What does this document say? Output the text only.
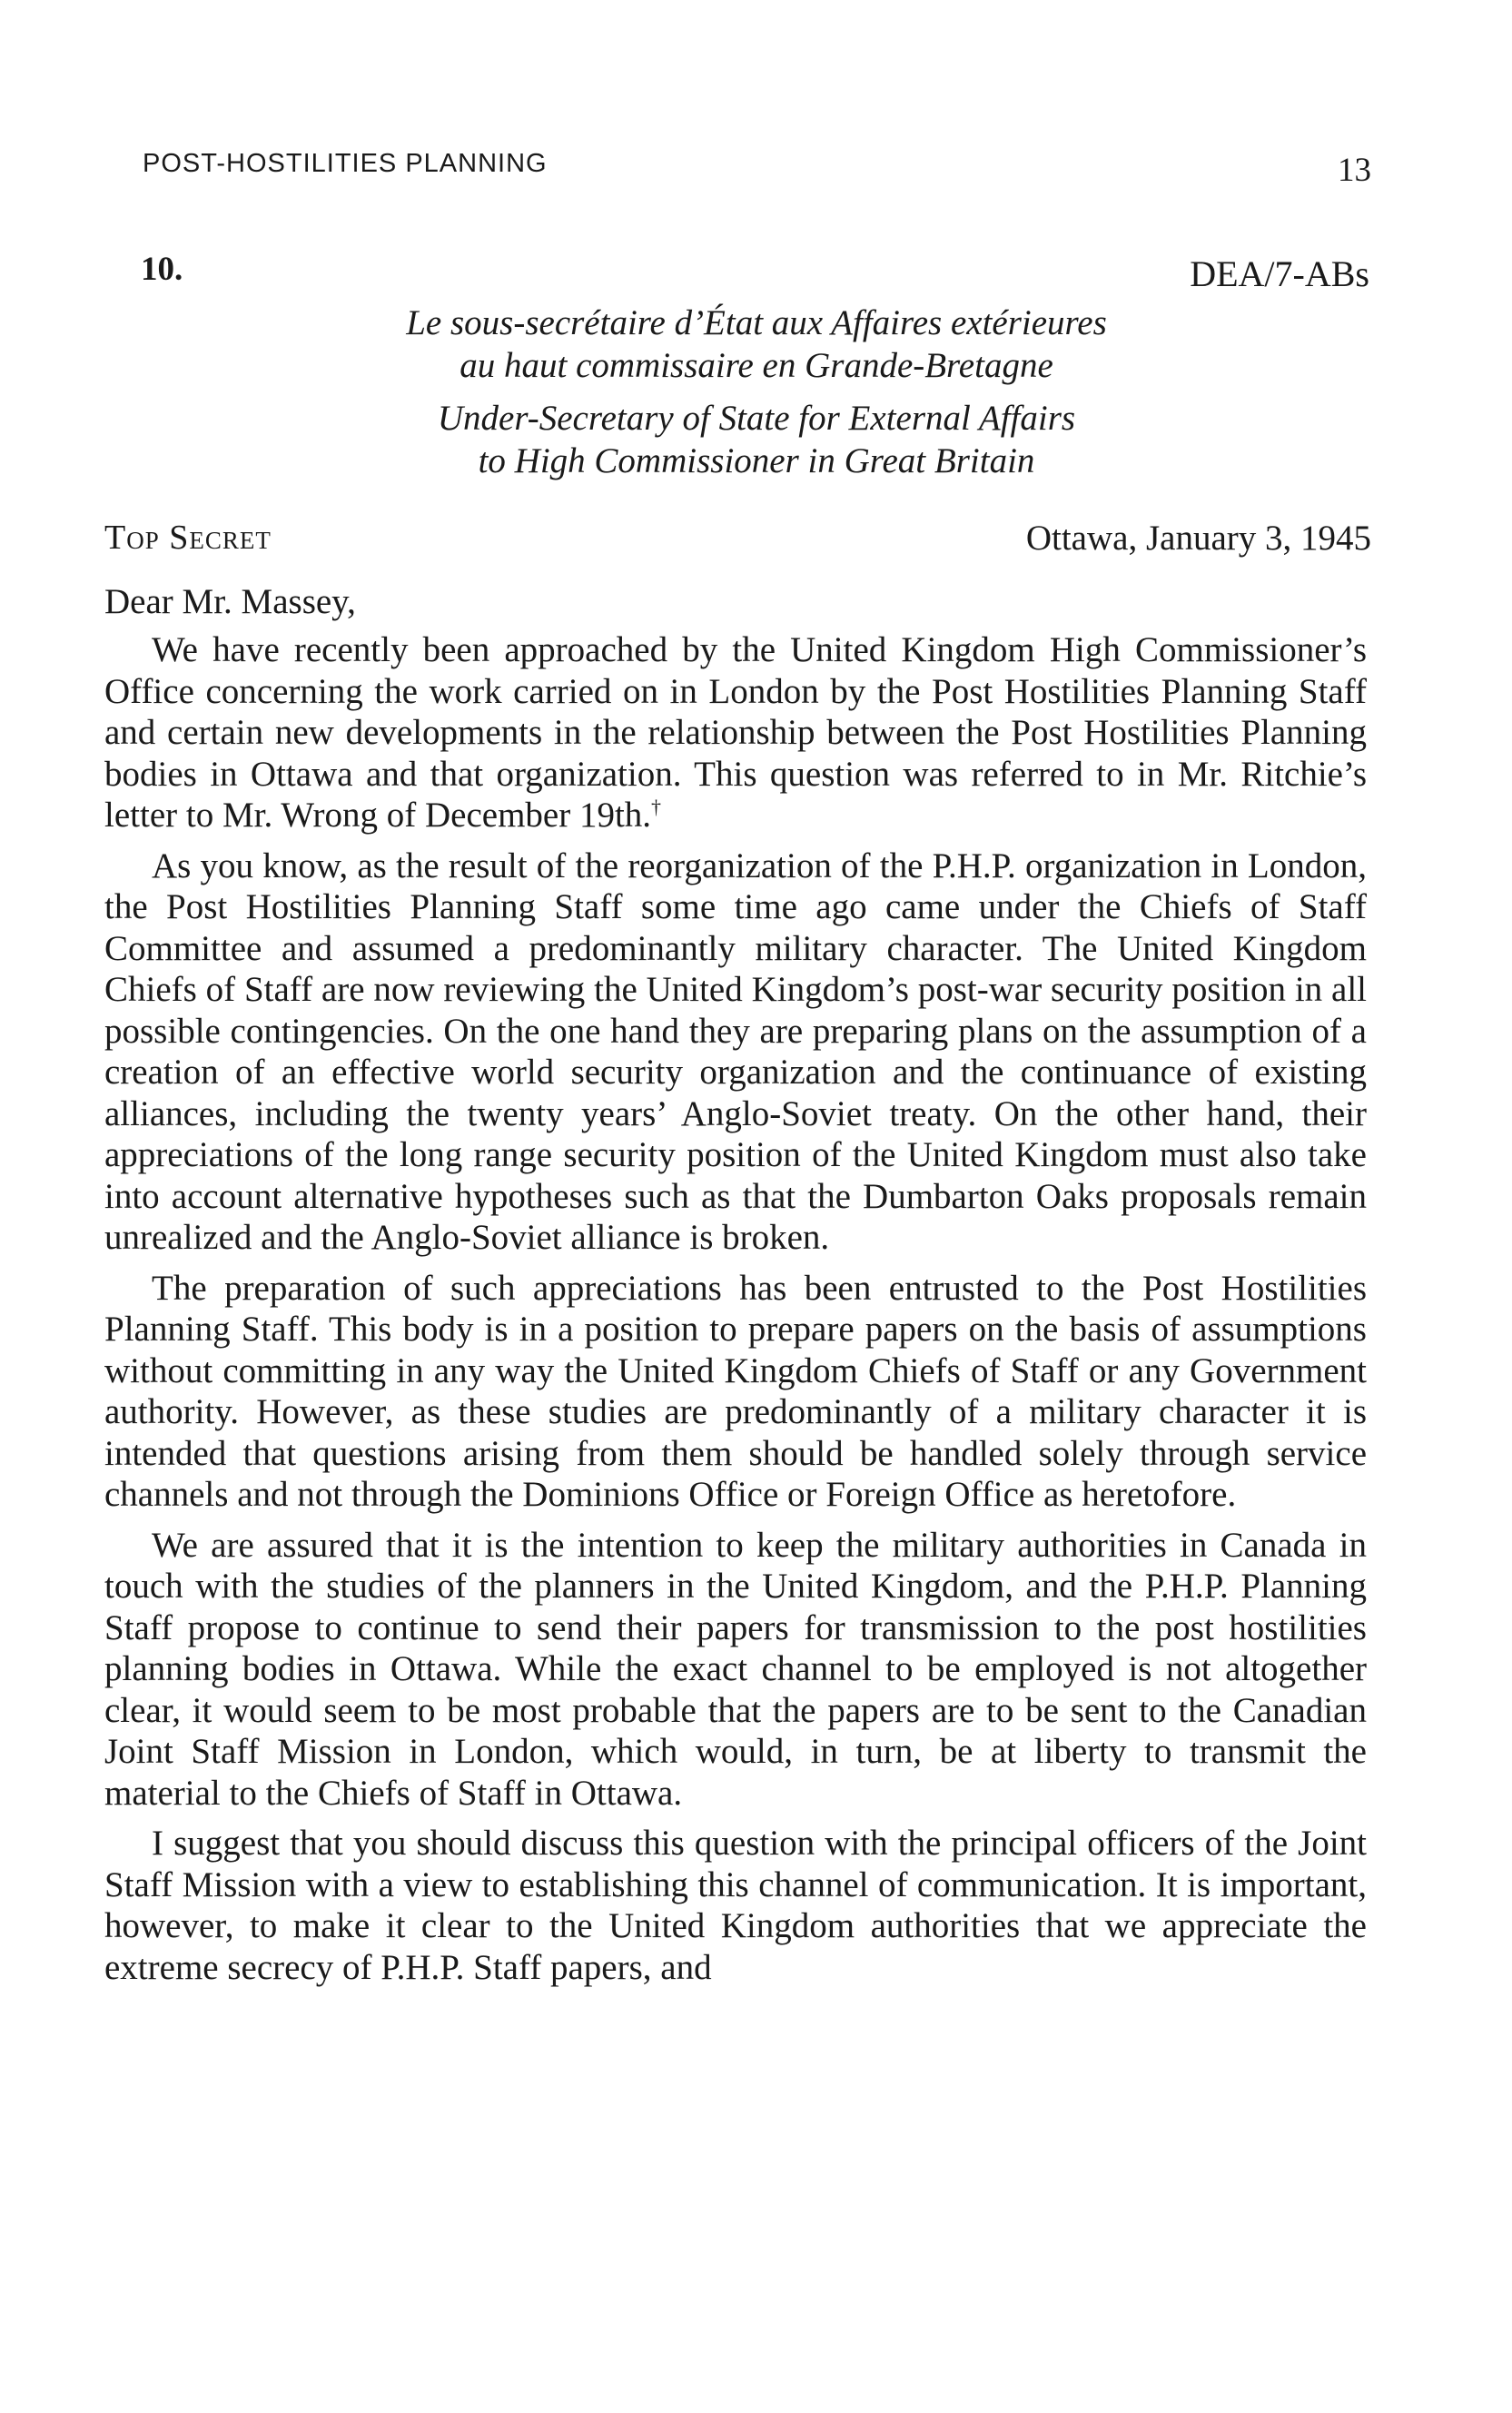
POST-HOSTILITIES PLANNING	13
10.	DEA/7-ABs
Le sous-secrétaire d’État aux Affaires extérieures
au haut commissaire en Grande-Bretagne
Under-Secretary of State for External Affairs
to High Commissioner in Great Britain
Top Secret	Ottawa, January 3, 1945
Dear Mr. Massey,

We have recently been approached by the United Kingdom High Commissioner’s Office concerning the work carried on in London by the Post Hostilities Planning Staff and certain new developments in the relationship between the Post Hostilities Planning bodies in Ottawa and that organization. This question was referred to in Mr. Ritchie’s letter to Mr. Wrong of December 19th.†

As you know, as the result of the reorganization of the P.H.P. organization in London, the Post Hostilities Planning Staff some time ago came under the Chiefs of Staff Committee and assumed a predominantly military character. The United Kingdom Chiefs of Staff are now reviewing the United Kingdom’s post-war security position in all possible contingencies. On the one hand they are preparing plans on the assumption of a creation of an effective world security organization and the continuance of existing alliances, including the twenty years’ Anglo-Soviet treaty. On the other hand, their appreciations of the long range security position of the United Kingdom must also take into account alternative hypotheses such as that the Dumbarton Oaks proposals remain unrealized and the Anglo-Soviet alliance is broken.

The preparation of such appreciations has been entrusted to the Post Hostilities Planning Staff. This body is in a position to prepare papers on the basis of assumptions without committing in any way the United Kingdom Chiefs of Staff or any Government authority. However, as these studies are predominantly of a military character it is intended that questions arising from them should be handled solely through service channels and not through the Dominions Office or Foreign Office as heretofore.

We are assured that it is the intention to keep the military authorities in Canada in touch with the studies of the planners in the United Kingdom, and the P.H.P. Planning Staff propose to continue to send their papers for transmission to the post hostilities planning bodies in Ottawa. While the exact channel to be employed is not altogether clear, it would seem to be most probable that the papers are to be sent to the Canadian Joint Staff Mission in London, which would, in turn, be at liberty to transmit the material to the Chiefs of Staff in Ottawa.

I suggest that you should discuss this question with the principal officers of the Joint Staff Mission with a view to establishing this channel of communication. It is important, however, to make it clear to the United Kingdom authorities that we appreciate the extreme secrecy of P.H.P. Staff papers, and
